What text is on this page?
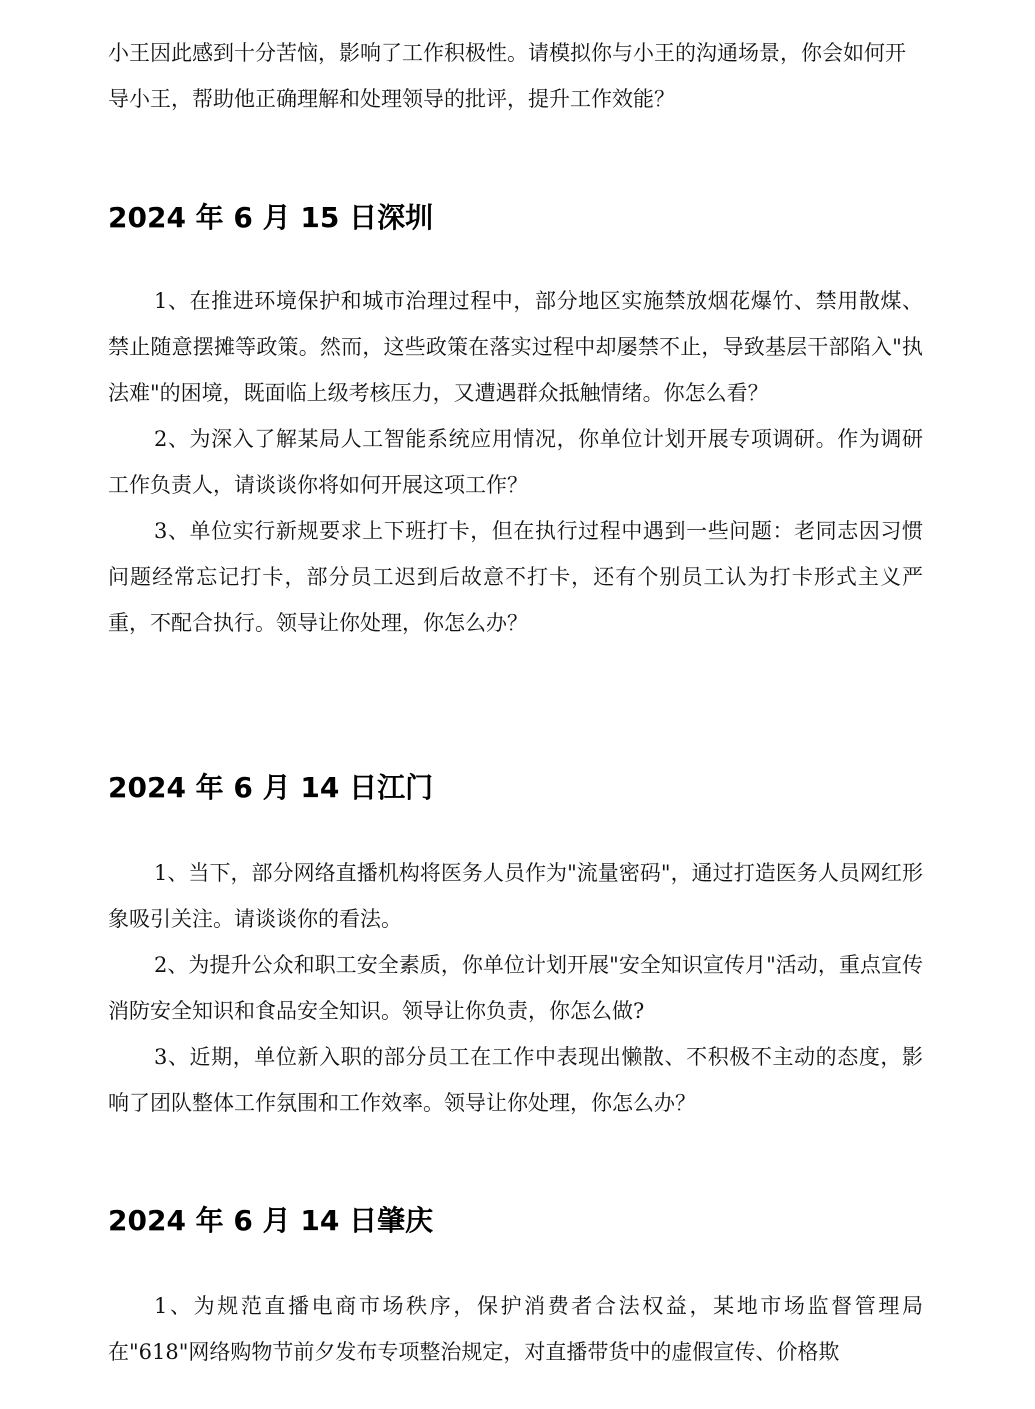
小王因此感到十分苦恼，影响了工作积极性。请模拟你与小王的沟通场景，你会如何开导小王，帮助他正确理解和处理领导的批评，提升工作效能？

2024 年 6 月 15 日深圳

1、在推进环境保护和城市治理过程中，部分地区实施禁放烟花爆竹、禁用散煤、禁止随意摆摊等政策。然而，这些政策在落实过程中却屡禁不止，导致基层干部陷入"执法难"的困境，既面临上级考核压力，又遭遇群众抵触情绪。你怎么看？

2、为深入了解某局人工智能系统应用情况，你单位计划开展专项调研。作为调研工作负责人，请谈谈你将如何开展这项工作？

3、单位实行新规要求上下班打卡，但在执行过程中遇到一些问题：老同志因习惯问题经常忘记打卡，部分员工迟到后故意不打卡，还有个别员工认为打卡形式主义严重，不配合执行。领导让你处理，你怎么办？

2024 年 6 月 14 日江门

1、当下，部分网络直播机构将医务人员作为"流量密码"，通过打造医务人员网红形象吸引关注。请谈谈你的看法。

2、为提升公众和职工安全素质，你单位计划开展"安全知识宣传月"活动，重点宣传消防安全知识和食品安全知识。领导让你负责，你怎么做?

3、近期，单位新入职的部分员工在工作中表现出懒散、不积极不主动的态度，影响了团队整体工作氛围和工作效率。领导让你处理，你怎么办？

2024 年 6 月 14 日肇庆

1、为规范直播电商市场秩序，保护消费者合法权益，某地市场监督管理局在"618"网络购物节前夕发布专项整治规定，对直播带货中的虚假宣传、价格欺
